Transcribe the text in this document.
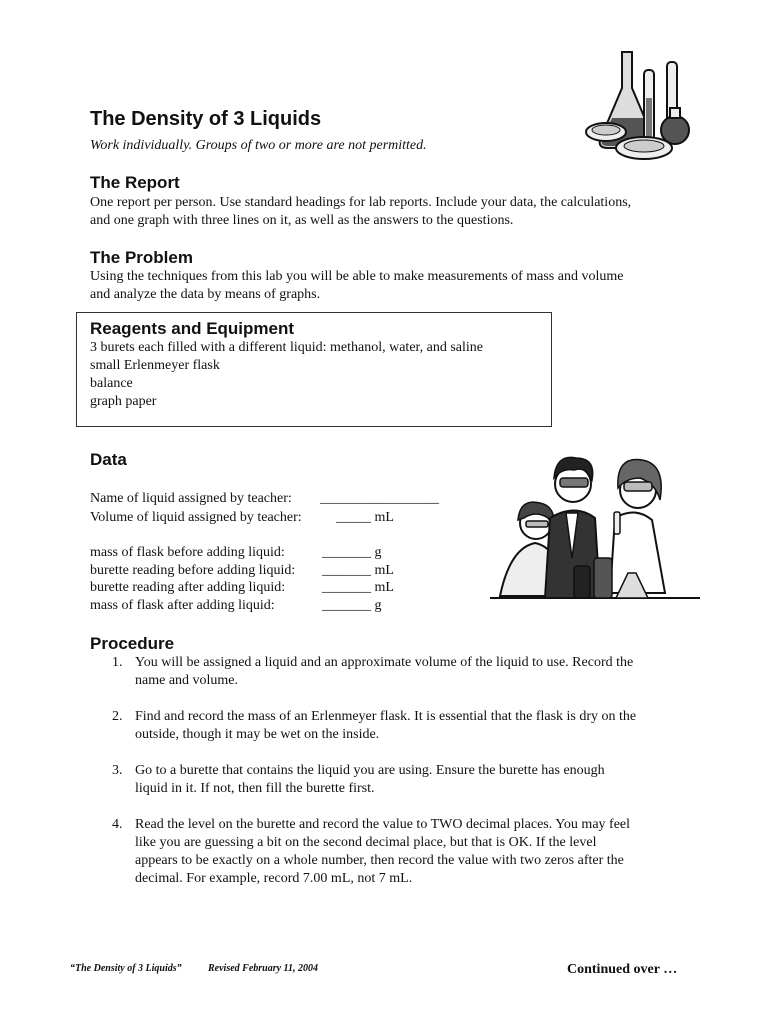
The Density of 3 Liquids
Work individually. Groups of two or more are not permitted.
The Report
One report per person. Use standard headings for lab reports. Include your data, the calculations,
and one graph with three lines on it, as well as the answers to the questions.
The Problem
Using the techniques from this lab you will be able to make measurements of mass and volume
and analyze the data by means of graphs.
Reagents and Equipment
3 burets each filled with a different liquid: methanol, water, and saline
small Erlenmeyer flask
balance
graph paper
Data
Name of liquid assigned by teacher: _________________
Volume of liquid assigned by teacher: _____ mL
mass of flask before adding liquid:	_______ g
burette reading before adding liquid: _______ mL
burette reading after adding liquid:	_______ mL
mass of flask after adding liquid:	_______ g
Procedure
1. You will be assigned a liquid and an approximate volume of the liquid to use. Record the
name and volume.
2. Find and record the mass of an Erlenmeyer flask. It is essential that the flask is dry on the
outside, though it may be wet on the inside.
3. Go to a burette that contains the liquid you are using. Ensure the burette has enough
liquid in it. If not, then fill the burette first.
4. Read the level on the burette and record the value to TWO decimal places. You may feel
like you are guessing a bit on the second decimal place, but that is OK. If the level
appears to be exactly on a whole number, then record the value with two zeros after the
decimal. For example, record 7.00 mL, not 7 mL.
“The Density of 3 Liquids”	Revised February 11, 2004	Continued over …
